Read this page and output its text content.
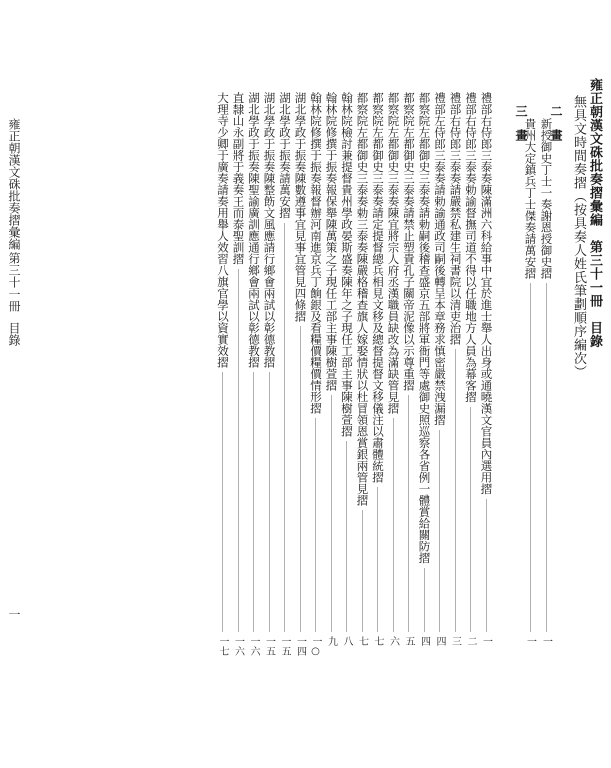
雍正朝漢文硃批奏摺彙編　第三十一冊　目錄
無具文時間奏摺（按具奏人姓氏筆劃順序編次）
二　畫
新授御史丁士一奏謝恩授御史摺
一
貴州大定鎮兵丁士傑奏請萬安摺
一
禮部右侍郎三泰奏陳滿洲六科給事中宜於進士舉人出身或通曉漢文官員內選用摺
一
禮部右侍郎三泰奏勅諭督撫司道不得以任職地方人員為幕客摺
二
禮部右侍郎三泰奏請嚴禁私建生祠書院以清吏治摺
三
禮部左侍郎三泰奏請勅諭通政司嗣後轉呈本章務求慎密嚴禁洩漏摺
四
都察院左都御史三泰奏請勅嗣後稽查盛京五部將軍衙門等處御史照巡察各省例一體賞給關防摺
四
都察院左都御史三泰奏請禁止塑貴孔子關帝泥像以示尊重摺
五
都察院左都御史三泰奏陳宜將宗人府丞漢職員缺改為滿缺管見摺
六
都察院左都御史三泰奏請定提督總兵相見文移及總督提督文移儀注以肅體統摺
七
都察院左都御史三泰奏勅三泰奏陳嚴格稽查旗人嫁娶情狀以杜冒領恩賞銀兩管見摺
七
翰林院檢討兼提督貴州學政晏斯盛奏陳年之子現任工部主事陳樹萱摺
八
翰林院修撰于振奏報保舉陳萬策之子現任工部主事陳樹萱摺
九
翰林院修撰于振奏報督辦河南進京兵丁餉銀及看糧價糧價情形摺
一○
湖北學政于振奏陳數遵事宜見事宜管見四條摺
一四
湖北學政于振奏請萬安摺
一五
湖北學政于振奏陳整飭文風應請行鄉會兩試以彰德教摺
一五
湖北學政于振奏陳聖諭廣訓應通行鄉會兩試以彰德教摺
一六
直隸山永副將于義奏王而泰聖訓摺
一六
大理寺少卿于廣奏請奏用舉人效習八旗官學以資實效摺
一七
三　畫
雍正朝漢文硃批奏摺彙編
第三十一冊
目錄
一
